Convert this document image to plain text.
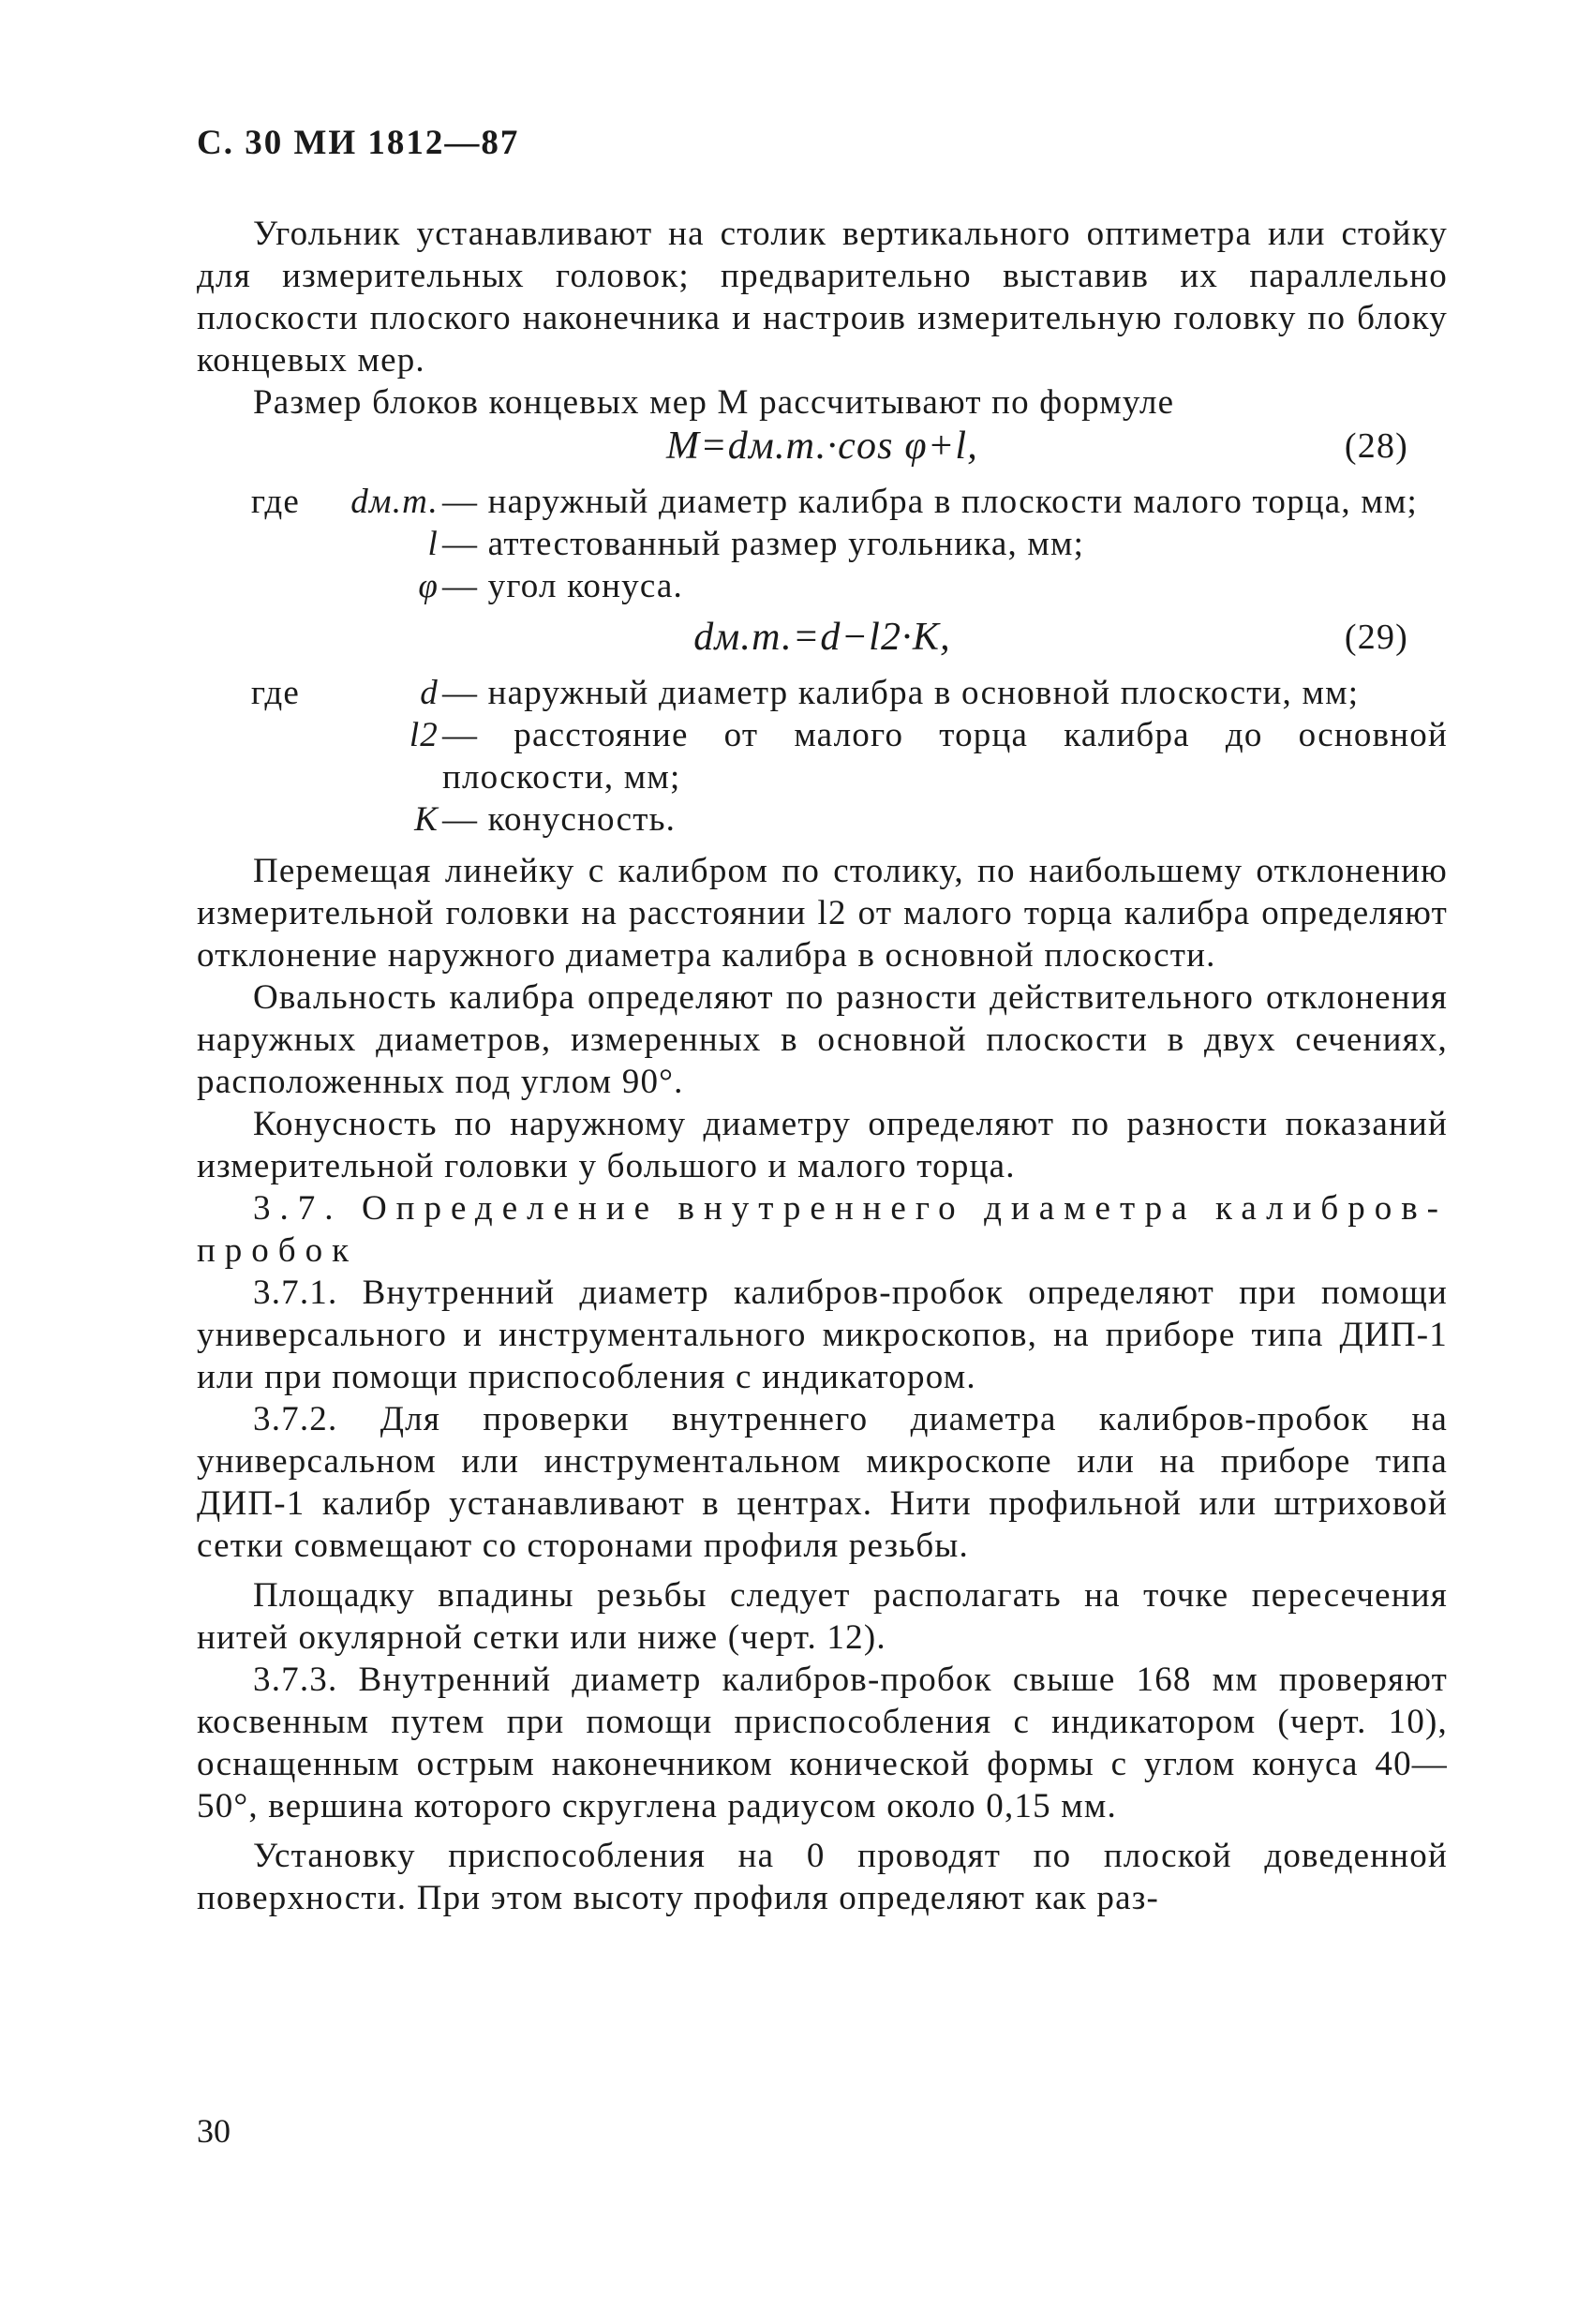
С. 30 МИ 1812—87

Угольник устанавливают на столик вертикального оптиметра или стойку для измерительных головок; предварительно выставив их параллельно плоскости плоского наконечника и настроив измерительную головку по блоку концевых мер.

Размер блоков концевых мер M рассчитывают по формуле

M=dм.т.·cos φ+l,	(28)
где	dм.т. — наружный диаметр калибра в плоскости малого торца, мм;
l — аттестованный размер угольника, мм;
φ — угол конуса.
dм.т.=d−l2·K,	(29)
где	d — наружный диаметр калибра в основной плоскости, мм;
l2 — расстояние от малого торца калибра до основной плоскости, мм;
K — конусность.

Перемещая линейку с калибром по столику, по наибольшему отклонению измерительной головки на расстоянии l2 от малого торца калибра определяют отклонение наружного диаметра калибра в основной плоскости.

Овальность калибра определяют по разности действительного отклонения наружных диаметров, измеренных в основной плоскости в двух сечениях, расположенных под углом 90°.

Конусность по наружному диаметру определяют по разности показаний измерительной головки у большого и малого торца.

3.7. Определение внутреннего диаметра калибров-пробок

3.7.1. Внутренний диаметр калибров-пробок определяют при помощи универсального и инструментального микроскопов, на приборе типа ДИП-1 или при помощи приспособления с индикатором.

3.7.2. Для проверки внутреннего диаметра калибров-пробок на универсальном или инструментальном микроскопе или на приборе типа ДИП-1 калибр устанавливают в центрах. Нити профильной или штриховой сетки совмещают со сторонами профиля резьбы.

Площадку впадины резьбы следует располагать на точке пересечения нитей окулярной сетки или ниже (черт. 12).

3.7.3. Внутренний диаметр калибров-пробок свыше 168 мм проверяют косвенным путем при помощи приспособления с индикатором (черт. 10), оснащенным острым наконечником конической формы с углом конуса 40—50°, вершина которого скруглена радиусом около 0,15 мм.

Установку приспособления на 0 проводят по плоской доведенной поверхности. При этом высоту профиля определяют как раз-

30
